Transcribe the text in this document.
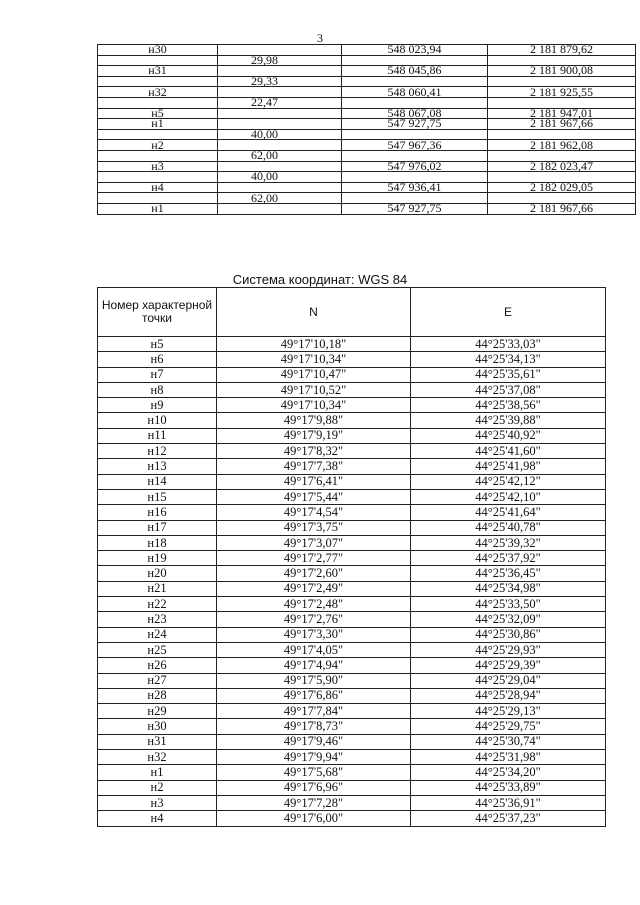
3
н30		548 023,94	2 181 879,62
	29,98		
н31		548 045,86	2 181 900,08
	29,33		
н32		548 060,41	2 181 925,55
	22,47		
н5		548 067,08	2 181 947,01
н1		547 927,75	2 181 967,66
	40,00		
н2		547 967,36	2 181 962,08
	62,00		
н3		547 976,02	2 182 023,47
	40,00		
н4		547 936,41	2 182 029,05
	62,00		
н1		547 927,75	2 181 967,66
Система координат: WGS 84
Номер характерной точки	N	E
н5	49°17'10,18"	44°25'33,03"
н6	49°17'10,34"	44°25'34,13"
н7	49°17'10,47"	44°25'35,61"
н8	49°17'10,52"	44°25'37,08"
н9	49°17'10,34"	44°25'38,56"
н10	49°17'9,88"	44°25'39,88"
н11	49°17'9,19"	44°25'40,92"
н12	49°17'8,32"	44°25'41,60"
н13	49°17'7,38"	44°25'41,98"
н14	49°17'6,41"	44°25'42,12"
н15	49°17'5,44"	44°25'42,10"
н16	49°17'4,54"	44°25'41,64"
н17	49°17'3,75"	44°25'40,78"
н18	49°17'3,07"	44°25'39,32"
н19	49°17'2,77"	44°25'37,92"
н20	49°17'2,60"	44°25'36,45"
н21	49°17'2,49"	44°25'34,98"
н22	49°17'2,48"	44°25'33,50"
н23	49°17'2,76"	44°25'32,09"
н24	49°17'3,30"	44°25'30,86"
н25	49°17'4,05"	44°25'29,93"
н26	49°17'4,94"	44°25'29,39"
н27	49°17'5,90"	44°25'29,04"
н28	49°17'6,86"	44°25'28,94"
н29	49°17'7,84"	44°25'29,13"
н30	49°17'8,73"	44°25'29,75"
н31	49°17'9,46"	44°25'30,74"
н32	49°17'9,94"	44°25'31,98"
н1	49°17'5,68"	44°25'34,20"
н2	49°17'6,96"	44°25'33,89"
н3	49°17'7,28"	44°25'36,91"
н4	49°17'6,00"	44°25'37,23"
